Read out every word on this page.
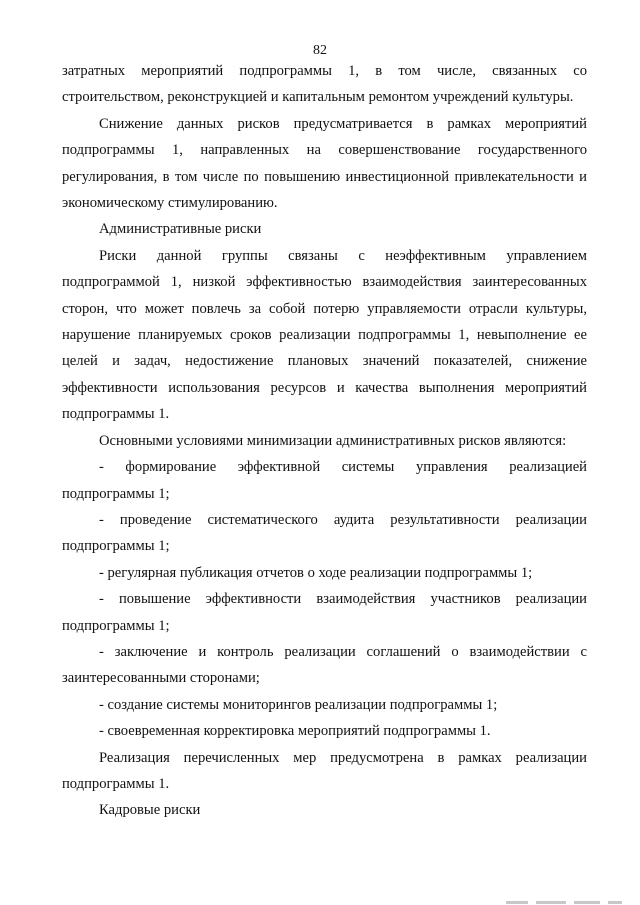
82

затратных мероприятий подпрограммы 1, в том числе, связанных со строительством, реконструкцией и капитальным ремонтом учреждений культуры.

Снижение данных рисков предусматривается в рамках мероприятий подпрограммы 1, направленных на совершенствование государственного регулирования, в том числе по повышению инвестиционной привлекательности и экономическому стимулированию.

Административные риски

Риски данной группы связаны с неэффективным управлением подпрограммой 1, низкой эффективностью взаимодействия заинтересованных сторон, что может повлечь за собой потерю управляемости отрасли культуры, нарушение планируемых сроков реализации подпрограммы 1, невыполнение ее целей и задач, недостижение плановых значений показателей, снижение эффективности использования ресурсов и качества выполнения мероприятий подпрограммы 1.

Основными условиями минимизации административных рисков являются:

- формирование эффективной системы управления реализацией подпрограммы 1;

- проведение систематического аудита результативности реализации подпрограммы 1;

- регулярная публикация отчетов о ходе реализации подпрограммы 1;

- повышение эффективности взаимодействия участников реализации подпрограммы 1;

- заключение и контроль реализации соглашений о взаимодействии с заинтересованными сторонами;

- создание системы мониторингов реализации подпрограммы 1;

- своевременная корректировка мероприятий подпрограммы 1.

Реализация перечисленных мер предусмотрена в рамках реализации подпрограммы 1.

Кадровые риски
